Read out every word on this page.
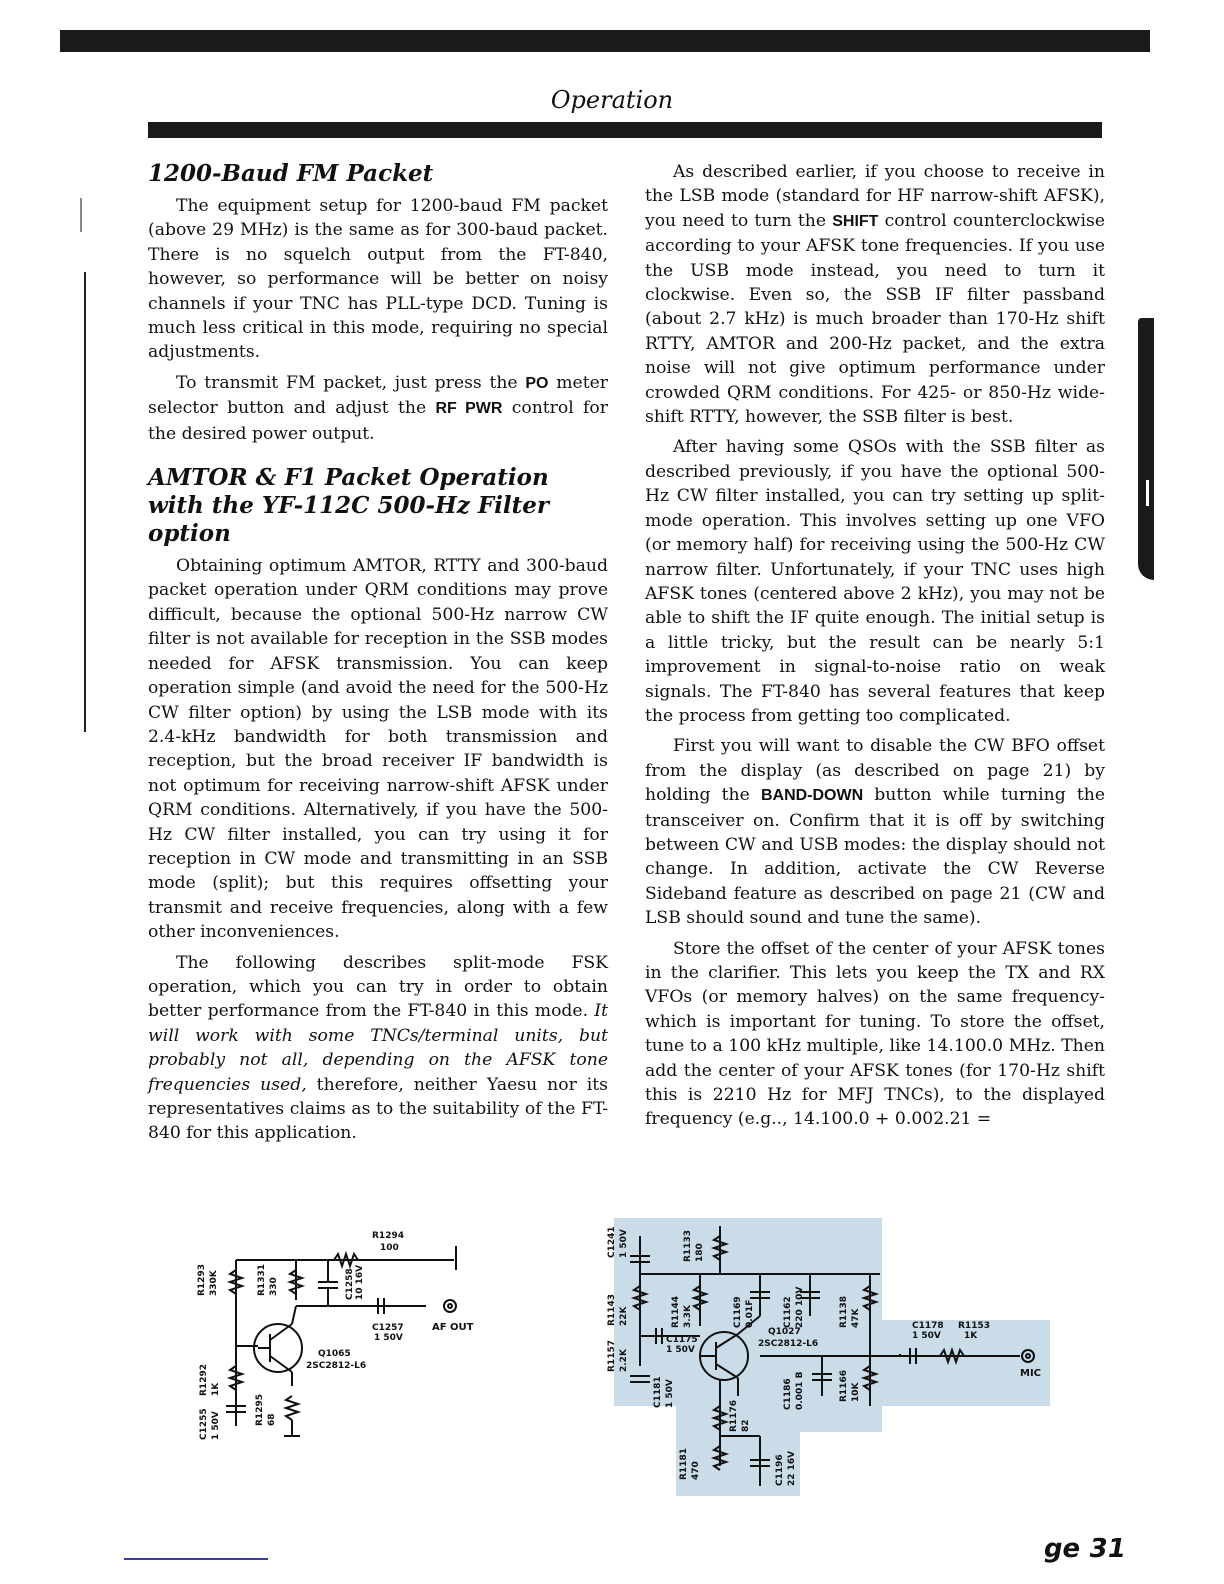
Operation
1200-Baud FM Packet

The equipment setup for 1200-baud FM packet (above 29 MHz) is the same as for 300-baud packet. There is no squelch output from the FT-840, however, so performance will be better on noisy channels if your TNC has PLL-type DCD. Tuning is much less critical in this mode, requiring no special adjustments.

To transmit FM packet, just press the PO meter selector button and adjust the RF PWR control for the desired power output.

AMTOR & F1 Packet Operation with the YF-112C 500-Hz Filter option

Obtaining optimum AMTOR, RTTY and 300-baud packet operation under QRM conditions may prove difficult, because the optional 500-Hz narrow CW filter is not available for reception in the SSB modes needed for AFSK transmission. You can keep operation simple (and avoid the need for the 500-Hz CW filter option) by using the LSB mode with its 2.4-kHz bandwidth for both transmission and reception, but the broad receiver IF bandwidth is not optimum for receiving narrow-shift AFSK under QRM conditions. Alternatively, if you have the 500-Hz CW filter installed, you can try using it for reception in CW mode and transmitting in an SSB mode (split); but this requires offsetting your transmit and receive frequencies, along with a few other inconveniences.

The following describes split-mode FSK operation, which you can try in order to obtain better performance from the FT-840 in this mode. It will work with some TNCs/terminal units, but probably not all, depending on the AFSK tone frequencies used, therefore, neither Yaesu nor its representatives claims as to the suitability of the FT-840 for this application.

As described earlier, if you choose to receive in the LSB mode (standard for HF narrow-shift AFSK), you need to turn the SHIFT control counterclockwise according to your AFSK tone frequencies. If you use the USB mode instead, you need to turn it clockwise. Even so, the SSB IF filter passband (about 2.7 kHz) is much broader than 170-Hz shift RTTY, AMTOR and 200-Hz packet, and the extra noise will not give optimum performance under crowded QRM conditions. For 425- or 850-Hz wide-shift RTTY, however, the SSB filter is best.

After having some QSOs with the SSB filter as described previously, if you have the optional 500-Hz CW filter installed, you can try setting up split-mode operation. This involves setting up one VFO (or memory half) for receiving using the 500-Hz CW narrow filter. Unfortunately, if your TNC uses high AFSK tones (centered above 2 kHz), you may not be able to shift the IF quite enough. The initial setup is a little tricky, but the result can be nearly 5:1 improvement in signal-to-noise ratio on weak signals. The FT-840 has several features that keep the process from getting too complicated.

First you will want to disable the CW BFO offset from the display (as described on page 21) by holding the BAND-DOWN button while turning the transceiver on. Confirm that it is off by switching between CW and USB modes: the display should not change. In addition, activate the CW Reverse Sideband feature as described on page 21 (CW and LSB should sound and tune the same).

Store the offset of the center of your AFSK tones in the clarifier. This lets you keep the TX and RX VFOs (or memory halves) on the same frequency-which is important for tuning. To store the offset, tune to a 100 kHz multiple, like 14.100.0 MHz. Then add the center of your AFSK tones (for 170-Hz shift this is 2210 Hz for MFJ TNCs), to the displayed frequency (e.g.., 14.100.0 + 0.002.21 =

R1294
100
R1293 330K	R1331 330	C1258 10 16V
C1257
1 50V
AF OUT
Q1065
2SC2812-L6
R1292 1K
R1295 68
C1255 1 50V
C1241 1 50V	R1133 180
R1143 22K	R1144 3.3K	C1169 0.01F	C1162 220 10V	R1138 47K
R1157 2.2K
C1175
1 50V
Q1027
2SC2812-L6
C1178
1 50V
R1153
1K
MIC
C1181 1 50V	C1186 0.001 B	R1166 10K
R1176 82
R1181 470	C1196 22 16V
ge 31
